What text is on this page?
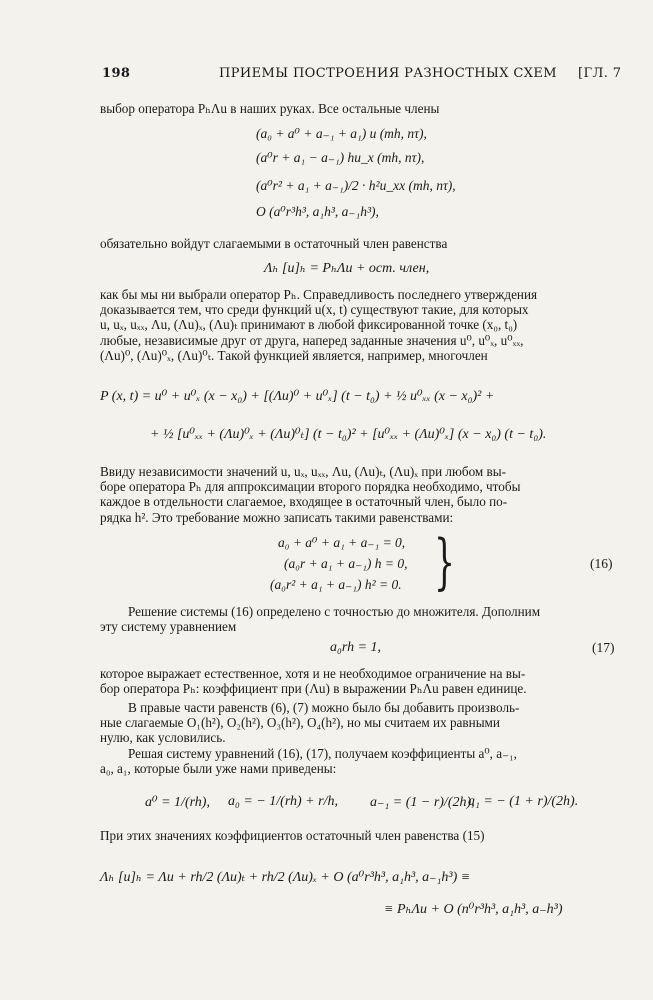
198	ПРИЕМЫ ПОСТРОЕНИЯ РАЗНОСТНЫХ СХЕМ [ГЛ. 7
выбор оператора PₕΛu в наших руках. Все остальные члены
(a₀ + a⁰ + a₋₁ + a₁) u (mh, nτ),
(a⁰r + a₁ − a₋₁) hu_x (mh, nτ),
(a⁰r² + a₁ + a₋₁)/2 · h²u_xx (mh, nτ),
O (a⁰r³h³, a₁h³, a₋₁h³),
обязательно войдут слагаемыми в остаточный член равенства
Λₕ [u]ₕ = PₕΛu + ост. член,
как бы мы ни выбрали оператор Pₕ. Справедливость последнего утверждения
доказывается тем, что среди функций u(x, t) существуют такие, для которых
u, uₓ, uₓₓ, Λu, (Λu)ₓ, (Λu)ₜ принимают в любой фиксированной точке (x₀, t₀)
любые, независимые друг от друга, наперед заданные значения u⁰, u⁰ₓ, u⁰ₓₓ,
(Λu)⁰, (Λu)⁰ₓ, (Λu)⁰ₜ. Такой функцией является, например, многочлен
P (x, t) = u⁰ + u⁰ₓ (x − x₀) + [(Λu)⁰ + u⁰ₓ] (t − t₀) + ½ u⁰ₓₓ (x − x₀)² +
+ ½ [u⁰ₓₓ + (Λu)⁰ₓ + (Λu)⁰ₜ] (t − t₀)² + [u⁰ₓₓ + (Λu)⁰ₓ] (x − x₀) (t − t₀).
Ввиду независимости значений u, uₓ, uₓₓ, Λu, (Λu)ₜ, (Λu)ₓ при любом вы-
боре оператора Pₕ для аппроксимации второго порядка необходимо, чтобы
каждое в отдельности слагаемое, входящее в остаточный член, было по-
рядка h². Это требование можно записать такими равенствами:
a₀ + a⁰ + a₁ + a₋₁ = 0,
(a₀r + a₁ + a₋₁) h = 0,
(a₀r² + a₁ + a₋₁) h² = 0. }	(16)
Решение системы (16) определено с точностью до множителя. Дополним
эту систему уравнением
a₀rh = 1,	(17)
которое выражает естественное, хотя и не необходимое ограничение на вы-
бор оператора Pₕ: коэффициент при (Λu) в выражении PₕΛu равен единице.
В правые части равенств (6), (7) можно было бы добавить произволь-
ные слагаемые O₁(h²), O₂(h²), O₃(h²), O₄(h²), но мы считаем их равными
нулю, как условились.
Решая систему уравнений (16), (17), получаем коэффициенты a⁰, a₋₁,
a₀, a₁, которые были уже нами приведены:
a⁰ = 1/(rh), a₀ = − 1/(rh) + r/h, a₋₁ = (1 − r)/(2h),
a₁ = − (1 + r)/(2h).
При этих значениях коэффициентов остаточный член равенства (15)
Λₕ [u]ₕ = Λu + rh/2 (Λu)ₜ + rh/2 (Λu)ₓ + O (a⁰r³h³, a₁h³, a₋₁h³) ≡
≡ PₕΛu + O (n⁰r³h³, a₁h³, a₋h³)
